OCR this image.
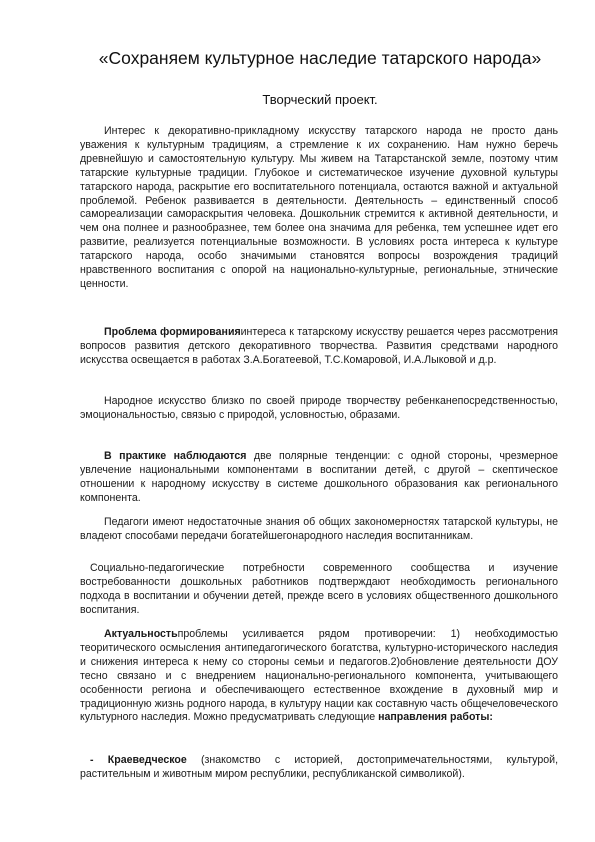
«Сохраняем культурное наследие татарского народа»

Творческий проект.

Интерес к декоративно-прикладному искусству татарского народа не просто дань уважения к культурным традициям, а стремление к их сохранению. Нам нужно беречь древнейшую и самостоятельную культуру. Мы живем на Татарстанской земле, поэтому чтим татарские культурные традиции. Глубокое и систематическое изучение духовной культуры татарского народа, раскрытие его воспитательного потенциала, остаются важной и актуальной проблемой. Ребенок развивается в деятельности. Деятельность – единственный способ самореализации самораскрытия человека. Дошкольник стремится к активной деятельности, и чем она полнее и разнообразнее, тем более она значима для ребенка, тем успешнее идет его развитие, реализуется потенциальные возможности. В условиях роста интереса к культуре татарского народа, особо значимыми становятся вопросы возрождения традиций нравственного воспитания с опорой на национально-культурные, региональные, этнические ценности.

Проблема формированияинтереса к татарскому искусству решается через рассмотрения вопросов развития детского декоративного творчества. Развития средствами народного искусства освещается в работах З.А.Богатеевой, Т.С.Комаровой, И.А.Лыковой и д.р.

Народное искусство близко по своей природе творчеству ребенканепосредственностью, эмоциональностью, связью с природой, условностью, образами.

В практике наблюдаются две полярные тенденции: с одной стороны, чрезмерное увлечение национальными компонентами в воспитании детей, с другой – скептическое отношении к народному искусству в системе дошкольного образования как регионального компонента.

Педагоги имеют недостаточные знания об общих закономерностях татарской культуры, не владеют способами передачи богатейшегонародного наследия воспитанникам.

Социально-педагогические потребности современного сообщества и изучение востребованности дошкольных работников подтверждают необходимость регионального подхода в воспитании и обучении детей, прежде всего в условиях общественного дошкольного воспитания.

Актуальностьпроблемы усиливается рядом противоречии: 1) необходимостью теоритического осмысления антипедагогического богатства, культурно-исторического наследия и снижения интереса к нему со стороны семьи и педагогов.2)обновление деятельности ДОУ тесно связано и с внедрением национально-регионального компонента, учитывающего особенности региона и обеспечивающего естественное вхождение в духовный мир и традиционную жизнь родного народа, в культуру нации как составную часть общечеловеческого культурного наследия. Можно предусматривать следующие направления работы:

- Краеведческое (знакомство с историей, достопримечательностями, культурой, растительным и животным миром республики, республиканской символикой).
